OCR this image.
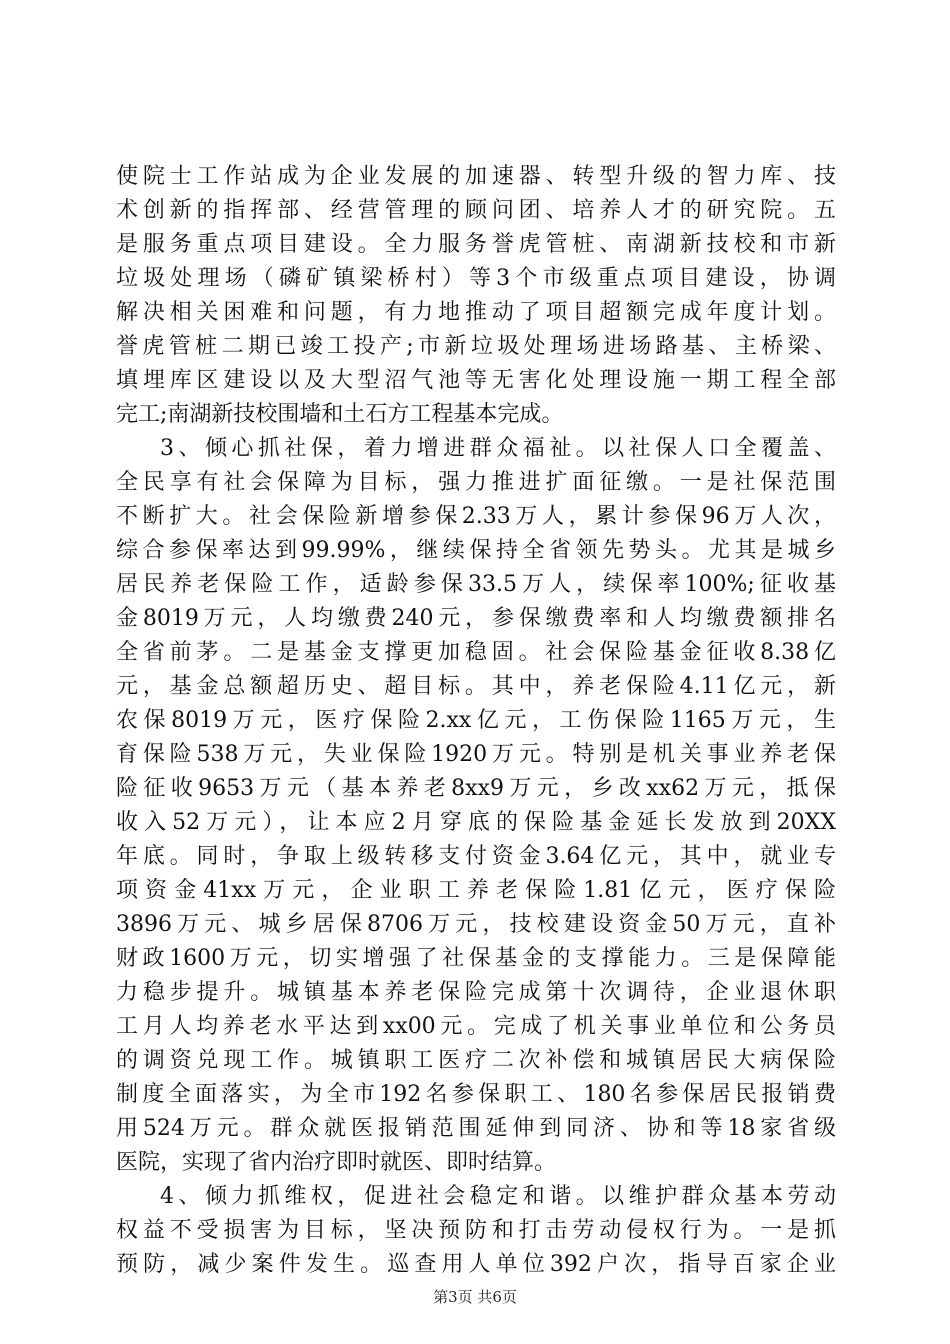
使院士工作站成为企业发展的加速器、转型升级的智力库、技
术创新的指挥部、经营管理的顾问团、培养人才的研究院。五
是服务重点项目建设。全力服务誉虎管桩、南湖新技校和市新
垃圾处理场（磷矿镇梁桥村）等3个市级重点项目建设，协调
解决相关困难和问题，有力地推动了项目超额完成年度计划。
誉虎管桩二期已竣工投产;市新垃圾处理场进场路基、主桥梁、
填埋库区建设以及大型沼气池等无害化处理设施一期工程全部
完工;南湖新技校围墙和土石方工程基本完成。
3、倾心抓社保，着力增进群众福祉。以社保人口全覆盖、
全民享有社会保障为目标，强力推进扩面征缴。一是社保范围
不断扩大。社会保险新增参保2.33万人，累计参保96万人次，
综合参保率达到99.99%，继续保持全省领先势头。尤其是城乡
居民养老保险工作，适龄参保33.5万人，续保率100%;征收基
金8019万元，人均缴费240元，参保缴费率和人均缴费额排名
全省前茅。二是基金支撑更加稳固。社会保险基金征收8.38亿
元，基金总额超历史、超目标。其中，养老保险4.11亿元，新
农保8019万元，医疗保险2.xx亿元，工伤保险1165万元，生
育保险538万元，失业保险1920万元。特别是机关事业养老保
险征收9653万元（基本养老8xx9万元，乡改xx62万元，抵保
收入52万元），让本应2月穿底的保险基金延长发放到20XX
年底。同时，争取上级转移支付资金3.64亿元，其中，就业专
项资金41xx万元，企业职工养老保险1.81亿元，医疗保险
3896万元、城乡居保8706万元，技校建设资金50万元，直补
财政1600万元，切实增强了社保基金的支撑能力。三是保障能
力稳步提升。城镇基本养老保险完成第十次调待，企业退休职
工月人均养老水平达到xx00元。完成了机关事业单位和公务员
的调资兑现工作。城镇职工医疗二次补偿和城镇居民大病保险
制度全面落实，为全市192名参保职工、180名参保居民报销费
用524万元。群众就医报销范围延伸到同济、协和等18家省级
医院，实现了省内治疗即时就医、即时结算。
4、倾力抓维权，促进社会稳定和谐。以维护群众基本劳动
权益不受损害为目标，坚决预防和打击劳动侵权行为。一是抓
预防，减少案件发生。巡查用人单位392户次，指导百家企业
第3页 共6页
